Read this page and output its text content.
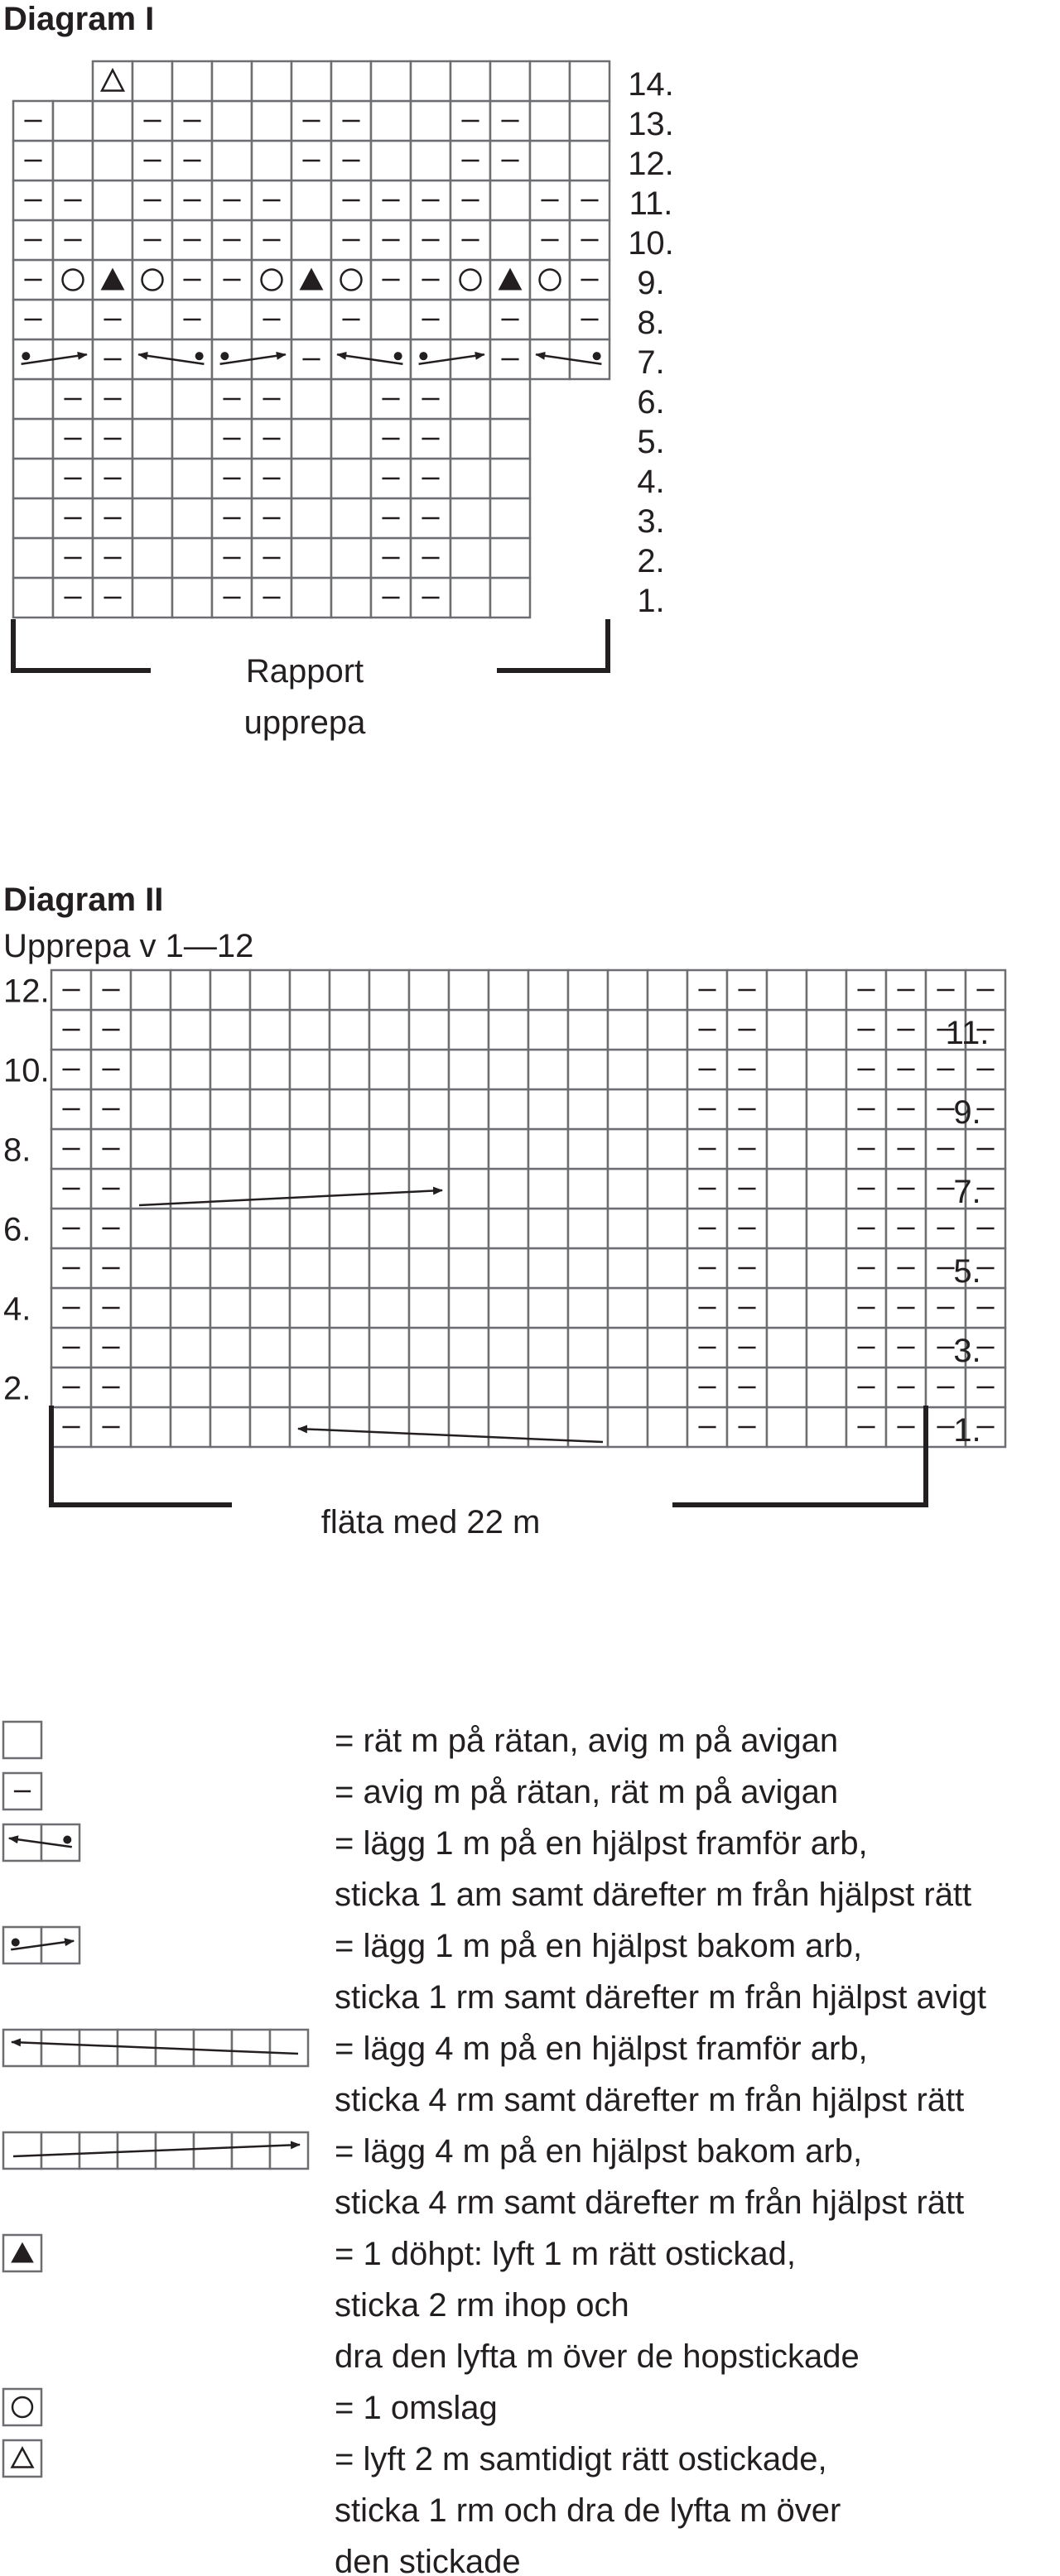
Diagram I
1.
2.
3.
4.
5.
6.
7.
8.
9.
10.
11.
12.
13.
14.
Rapport
upprepa
Diagram II
Upprepa v 1—12
2.
4.
6.
8.
10.
12.
1.
3.
5.
7.
9.
11.
fläta med 22 m
= rät m på rätan, avig m på avigan
= avig m på rätan, rät m på avigan
= lägg 1 m på en hjälpst framför arb,
sticka 1 am samt därefter m från hjälpst rätt
= lägg 1 m på en hjälpst bakom arb,
sticka 1 rm samt därefter m från hjälpst avigt
= lägg 4 m på en hjälpst framför arb,
sticka 4 rm samt därefter m från hjälpst rätt
= lägg 4 m på en hjälpst bakom arb,
sticka 4 rm samt därefter m från hjälpst rätt
= 1 döhpt: lyft 1 m rätt ostickad,
sticka 2 rm ihop och
dra den lyfta m över de hopstickade
= 1 omslag
= lyft 2 m samtidigt rätt ostickade,
sticka 1 rm och dra de lyfta m över
den stickade
